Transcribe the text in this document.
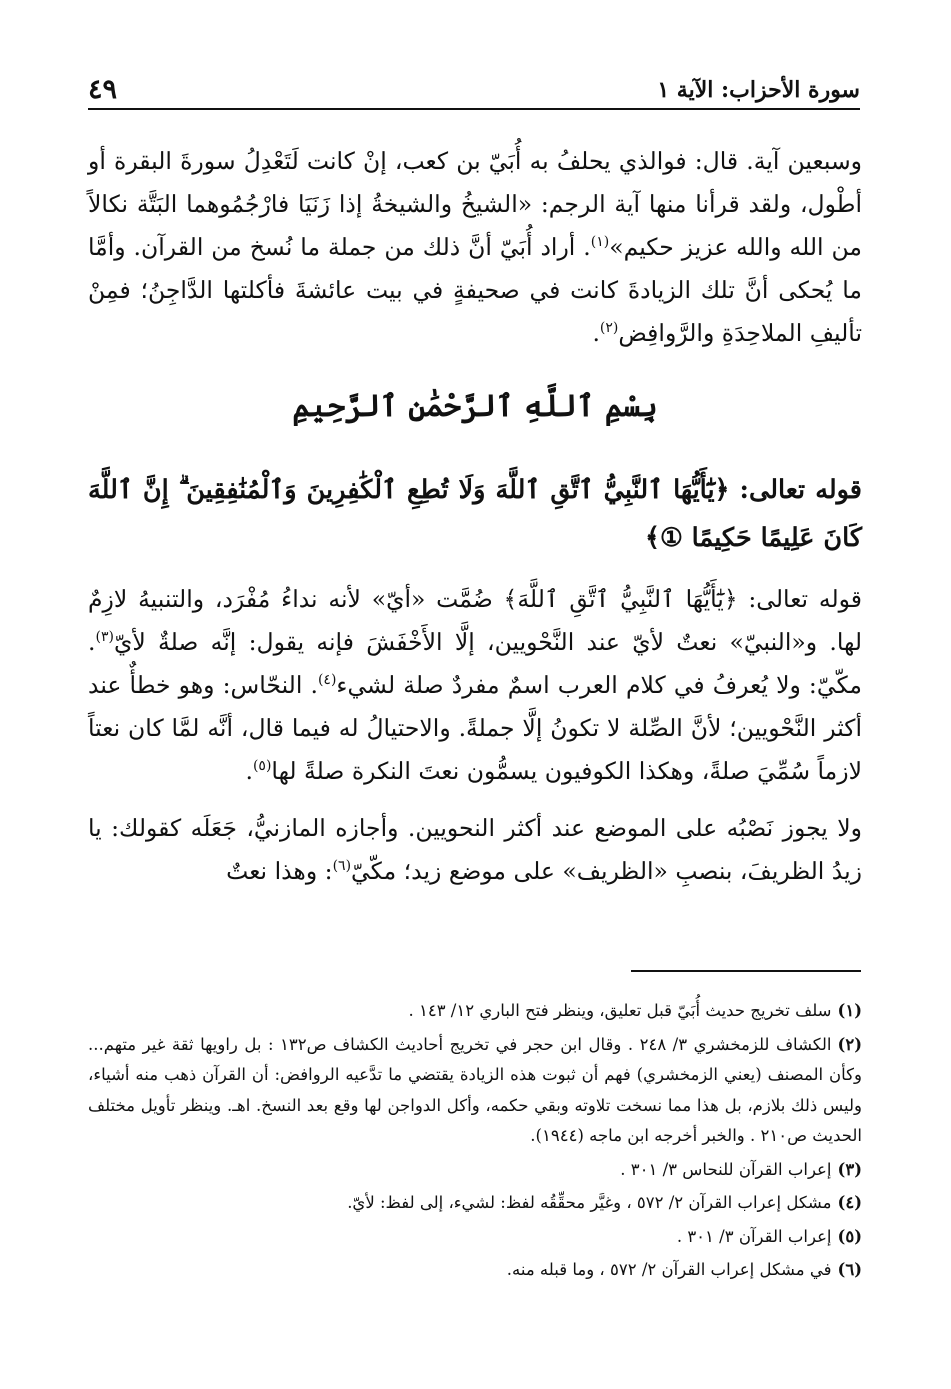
سورة الأحزاب: الآية ١
٤٩

وسبعين آية. قال: فوالذي يحلفُ به أُبَيّ بن كعب، إنْ كانت لَتَعْدِلُ سورةَ البقرة أو أطْول، ولقد قرأنا منها آية الرجم: «الشيخُ والشيخةُ إذا زَنَيَا فارْجُمُوهما البَتَّة نكالاً من الله والله عزيز حكيم»$^{(١)}$. أراد أُبَيّ أنَّ ذلك من جملة ما نُسخ من القرآن. وأمَّا ما يُحكى أنَّ تلك الزيادةَ كانت في صحيفةٍ في بيت عائشةَ فأكلتها الدَّاجِنُ؛ فمِنْ تأليفِ الملاحِدَةِ والرَّوافِض$^{(٢)}$.

بِسْمِ ٱللَّهِ ٱلرَّحْمَٰنِ ٱلرَّحِيمِ

قوله تعالى: ﴿يَٰٓأَيُّهَا ٱلنَّبِيُّ ٱتَّقِ ٱللَّهَ وَلَا تُطِعِ ٱلْكَٰفِرِينَ وَٱلْمُنَٰفِقِينَ ۗ إِنَّ ٱللَّهَ كَانَ عَلِيمًا حَكِيمًا ①﴾

قوله تعالى: ﴿يَٰٓأَيُّهَا ٱلنَّبِيُّ ٱتَّقِ ٱللَّهَ﴾ ضُمَّت «أيّ» لأنه نداءُ مُفْرَد، والتنبيهُ لازِمٌ لها. و«النبيّ» نعتٌ لأيّ عند النَّحْويين، إلَّا الأَخْفَشَ فإنه يقول: إنَّه صلةٌ لأيّ$^{(٣)}$. مكّيّ: ولا يُعرفُ في كلام العرب اسمٌ مفردٌ صلة لشيء$^{(٤)}$. النحّاس: وهو خطأٌ عند أكثر النَّحْويين؛ لأنَّ الصِّلة لا تكونُ إلَّا جملةً. والاحتيالُ له فيما قال، أنَّه لمَّا كان نعتاً لازماً سُمِّيَ صلةً، وهكذا الكوفيون يسمُّون نعتَ النكرة صلةً لها$^{(٥)}$.

ولا يجوز نَصْبُه على الموضع عند أكثر النحويين. وأجازه المازنيُّ، جَعَلَه كقولك: يا زيدُ الظريفَ، بنصبِ «الظريف» على موضع زيد؛ مكّيّ$^{(٦)}$: وهذا نعتٌ

(١)سلف تخريج حديث أُبَيّ قبل تعليق، وينظر فتح الباري ١٢/ ١٤٣ .

(٢)الكشاف للزمخشري ٣/ ٢٤٨ . وقال ابن حجر في تخريج أحاديث الكشاف ص١٣٢ : بل راويها ثقة غير متهم... وكأن المصنف (يعني الزمخشري) فهم أن ثبوت هذه الزيادة يقتضي ما تدَّعيه الروافض: أن القرآن ذهب منه أشياء، وليس ذلك بلازم، بل هذا مما نسخت تلاوته وبقي حكمه، وأكل الدواجن لها وقع بعد النسخ. اهـ. وينظر تأويل مختلف الحديث ص٢١٠ . والخبر أخرجه ابن ماجه (١٩٤٤).

(٣)إعراب القرآن للنحاس ٣/ ٣٠١ .

(٤)مشكل إعراب القرآن ٢/ ٥٧٢ ، وغيَّر محقِّقُه لفظ: لشيء، إلى لفظ: لأيّ.

(٥)إعراب القرآن ٣/ ٣٠١ .

(٦)في مشكل إعراب القرآن ٢/ ٥٧٢ ، وما قبله منه.
